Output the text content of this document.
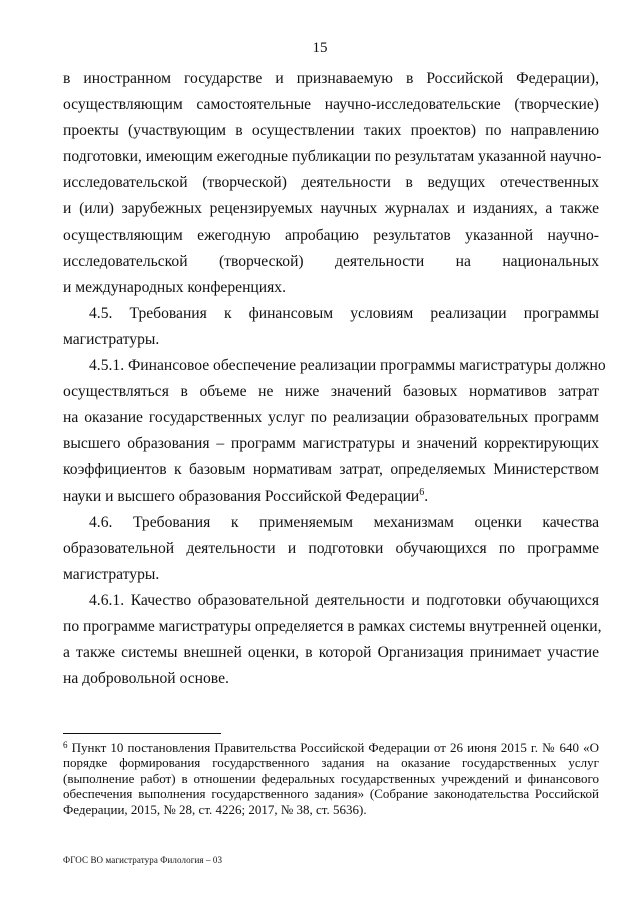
15
в иностранном государстве и признаваемую в Российской Федерации),
осуществляющим самостоятельные научно-исследовательские (творческие)
проекты (участвующим в осуществлении таких проектов) по направлению
подготовки, имеющим ежегодные публикации по результатам указанной научно-
исследовательской (творческой) деятельности в ведущих отечественных
и (или) зарубежных рецензируемых научных журналах и изданиях, а также
осуществляющим ежегодную апробацию результатов указанной научно-
исследовательской (творческой) деятельности на национальных
и международных конференциях.
4.5. Требования к финансовым условиям реализации программы
магистратуры.
4.5.1. Финансовое обеспечение реализации программы магистратуры должно
осуществляться в объеме не ниже значений базовых нормативов затрат
на оказание государственных услуг по реализации образовательных программ
высшего образования – программ магистратуры и значений корректирующих
коэффициентов к базовым нормативам затрат, определяемых Министерством
науки и высшего образования Российской Федерации$^6$.
4.6. Требования к применяемым механизмам оценки качества
образовательной деятельности и подготовки обучающихся по программе
магистратуры.
4.6.1. Качество образовательной деятельности и подготовки обучающихся
по программе магистратуры определяется в рамках системы внутренней оценки,
а также системы внешней оценки, в которой Организация принимает участие
на добровольной основе.
$^6$ Пункт 10 постановления Правительства Российской Федерации от 26 июня 2015 г. № 640 «О порядке формирования государственного задания на оказание государственных услуг (выполнение работ) в отношении федеральных государственных учреждений и финансового обеспечения выполнения государственного задания» (Собрание законодательства Российской Федерации, 2015, № 28, ст. 4226; 2017, № 38, ст. 5636).
ФГОС ВО магистратура Филология – 03
